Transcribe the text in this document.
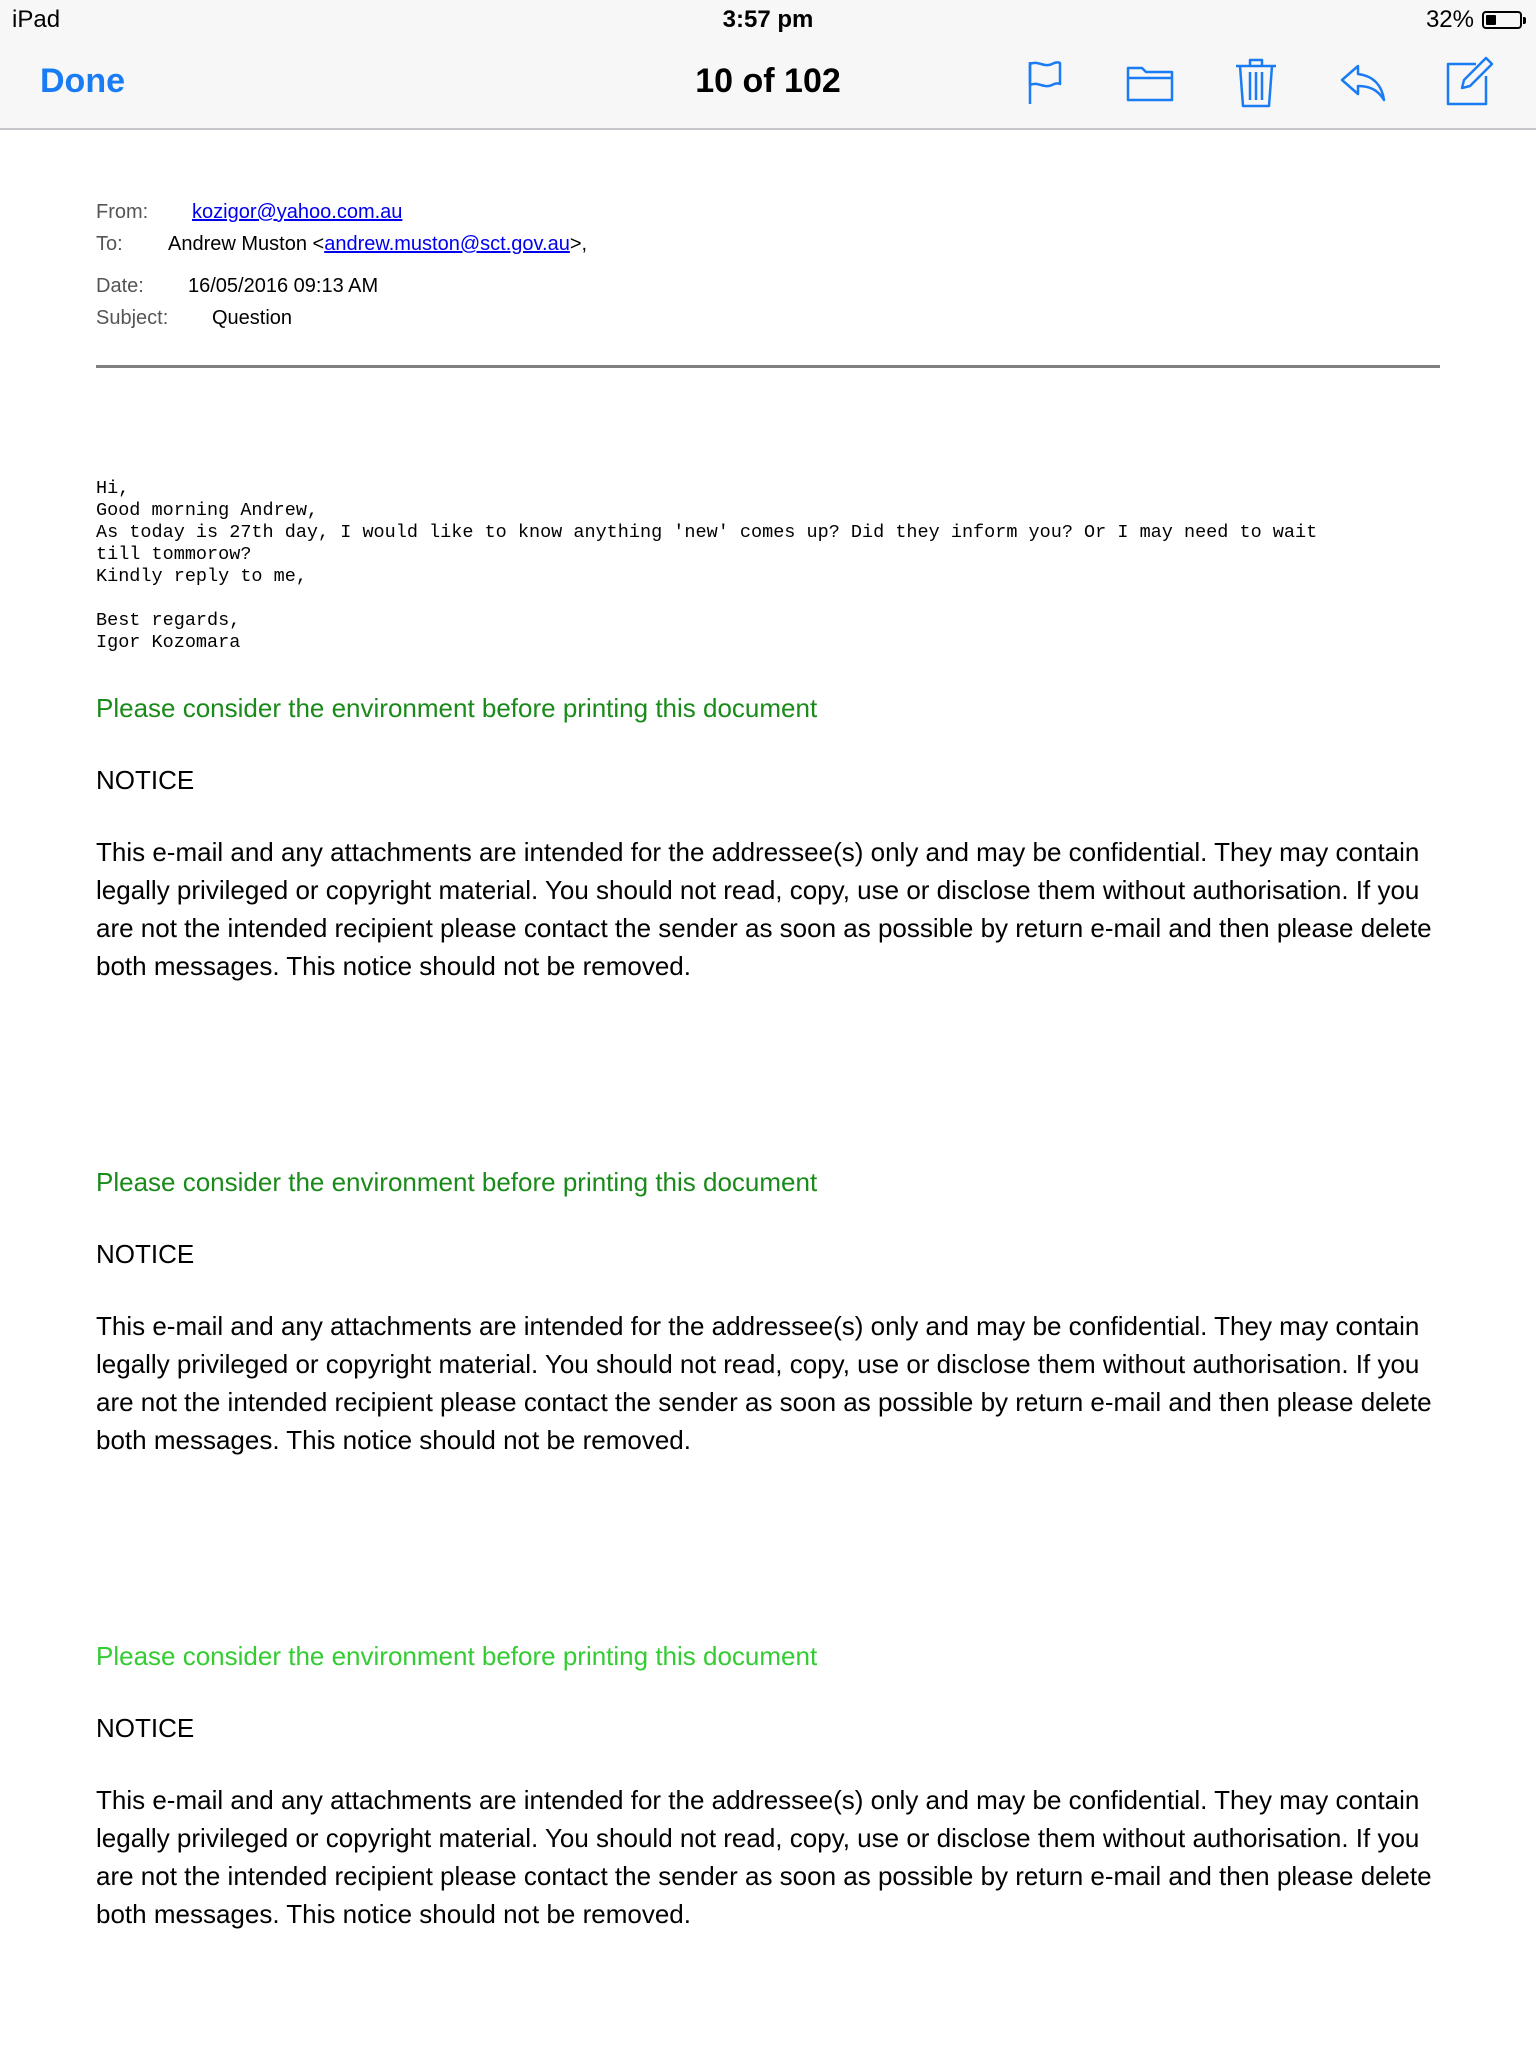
iPad	3:57 pm	32%
Done	10 of 102
From: kozigor@yahoo.com.au
To: Andrew Muston <andrew.muston@sct.gov.au>,
Date: 16/05/2016 09:13 AM
Subject: Question
Hi,
Good morning Andrew,
As today is 27th day, I would like to know anything 'new' comes up? Did they inform you? Or I may need to wait
till tommorow?
Kindly reply to me,

Best regards,
Igor Kozomara
Please consider the environment before printing this document
NOTICE
This e-mail and any attachments are intended for the addressee(s) only and may be confidential. They may contain legally privileged or copyright material. You should not read, copy, use or disclose them without authorisation. If you are not the intended recipient please contact the sender as soon as possible by return e-mail and then please delete both messages. This notice should not be removed.
Please consider the environment before printing this document
NOTICE
This e-mail and any attachments are intended for the addressee(s) only and may be confidential. They may contain legally privileged or copyright material. You should not read, copy, use or disclose them without authorisation. If you are not the intended recipient please contact the sender as soon as possible by return e-mail and then please delete both messages. This notice should not be removed.
Please consider the environment before printing this document
NOTICE
This e-mail and any attachments are intended for the addressee(s) only and may be confidential. They may contain legally privileged or copyright material. You should not read, copy, use or disclose them without authorisation. If you are not the intended recipient please contact the sender as soon as possible by return e-mail and then please delete both messages. This notice should not be removed.
